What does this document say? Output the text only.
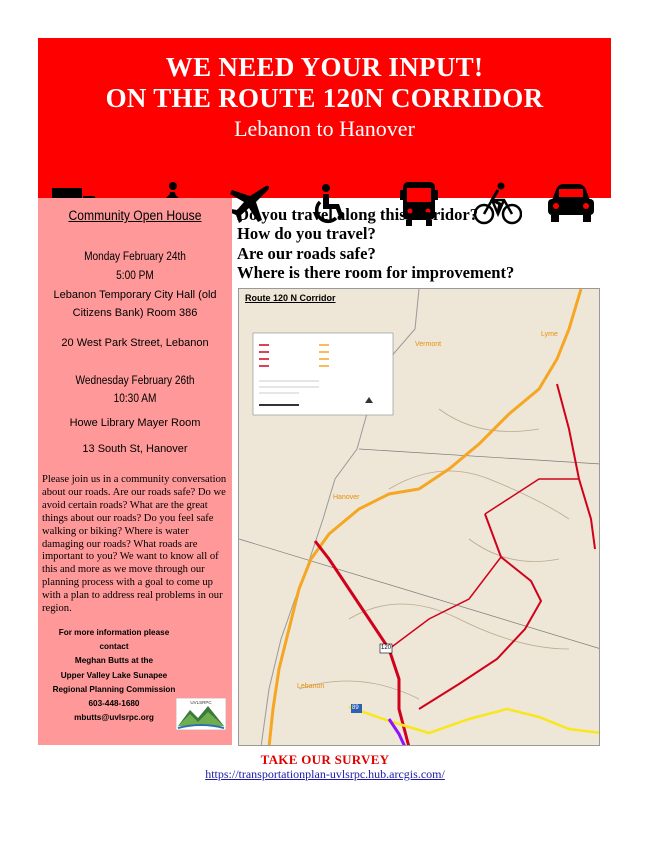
WE NEED YOUR INPUT!
ON THE ROUTE 120N CORRIDOR
Lebanon to Hanover
Community Open House
Monday February 24th
5:00 PM
Lebanon Temporary City Hall (old
Citizens Bank) Room 386
20 West Park Street, Lebanon
Wednesday February 26th
10:30 AM
Howe Library Mayer Room
13 South St, Hanover
Please join us in a community conversation about our roads. Are our roads safe? Do we avoid certain roads? What are the great things about our roads? Do you feel safe walking or biking? Where is water damaging our roads? What roads are important to you? We want to know all of this and more as we move through our planning process with a goal to come up with a plan to address real problems in our region.
For more information please contact
Meghan Butts at the
Upper Valley Lake Sunapee
Regional Planning Commission
603-448-1680
mbutts@uvlsrpc.org
UVLSRPC
Do you travel along this corridor?
How do you travel?
Are our roads safe?
Where is there room for improvement?
Route 120 N Corridor
Vermont
Lyme
Hanover
Lebanon
120
89
TAKE OUR SURVEY
https://transportationplan-uvlsrpc.hub.arcgis.com/
